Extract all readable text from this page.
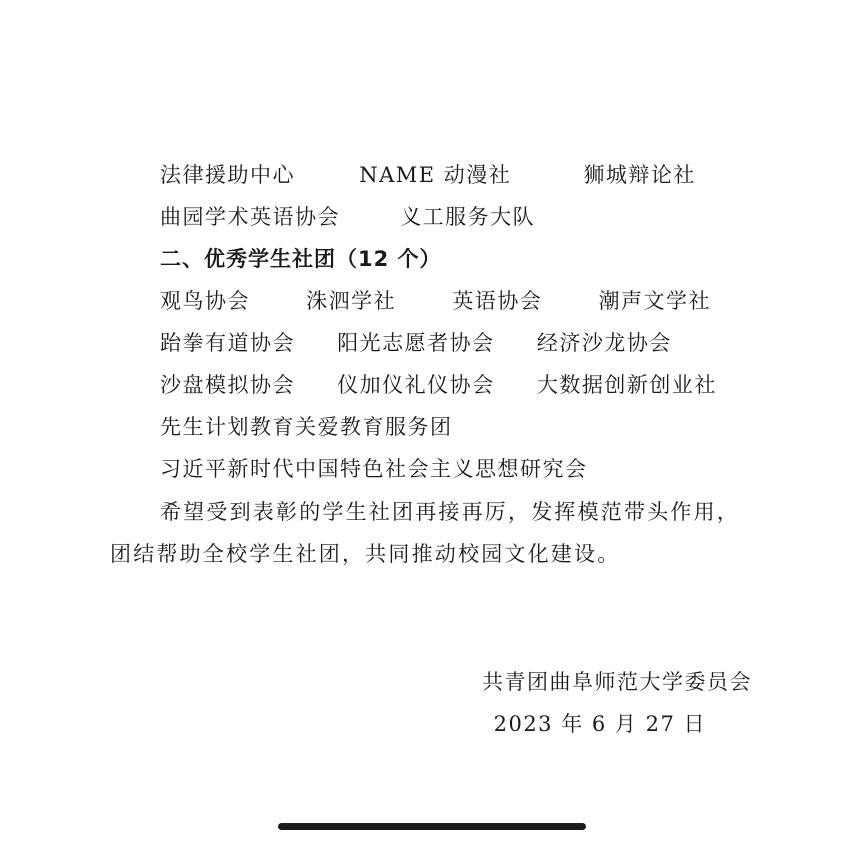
法律援助中心	NAME 动漫社	狮城辩论社
曲园学术英语协会	义工服务大队
二、优秀学生社团（12 个）
观鸟协会	洙泗学社	英语协会	潮声文学社
跆拳有道协会 阳光志愿者协会 经济沙龙协会
沙盘模拟协会 仪加仪礼仪协会 大数据创新创业社
先生计划教育关爱教育服务团
习近平新时代中国特色社会主义思想研究会
希望受到表彰的学生社团再接再厉，发挥模范带头作用，团结帮助全校学生社团，共同推动校园文化建设。
共青团曲阜师范大学委员会
2023 年 6 月 27 日
